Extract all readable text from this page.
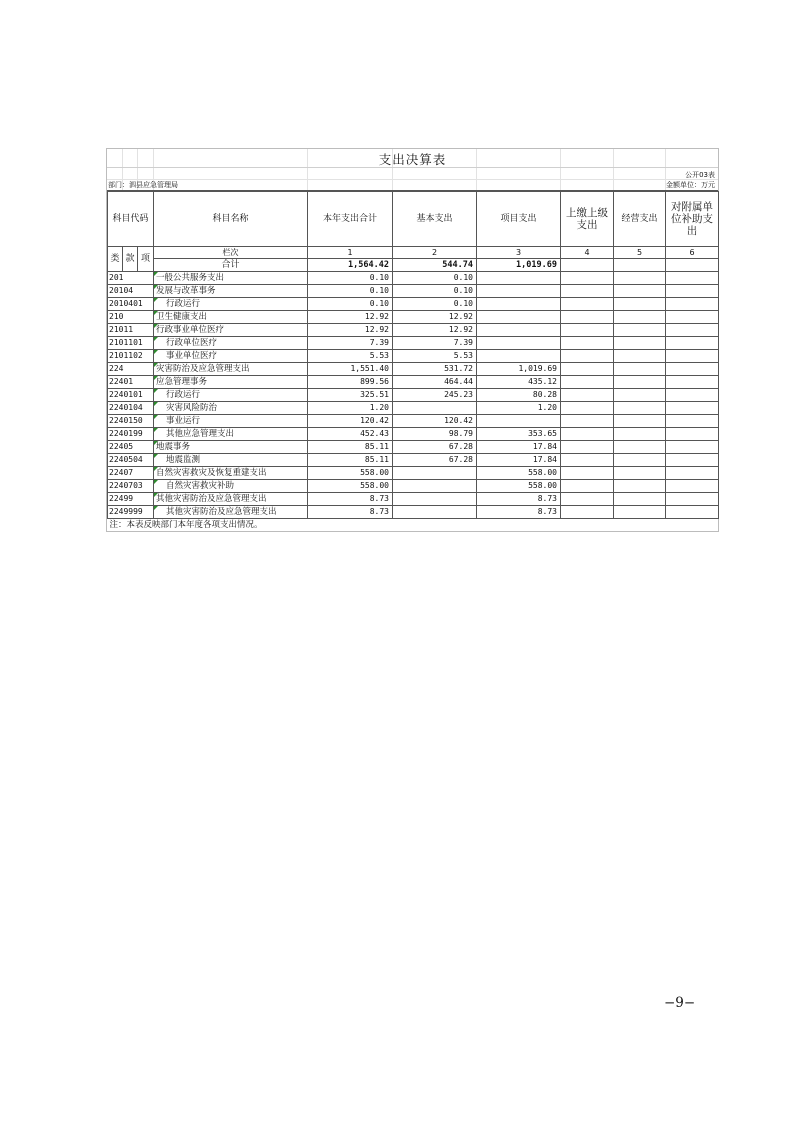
支出决算表
公开03表
部门：泗县应急管理局	金额单位：万元
科目代码			科目名称	本年支出合计	基本支出	项目支出	上缴上级支出	经营支出	对附属单位补助支出
类	款	项	栏次	1	2	3	4	5	6
			合计	1,564.42	544.74	1,019.69			
201			一般公共服务支出	0.10	0.10				
20104			发展与改革事务	0.10	0.10				
2010401			行政运行	0.10	0.10				
210			卫生健康支出	12.92	12.92				
21011			行政事业单位医疗	12.92	12.92				
2101101			行政单位医疗	7.39	7.39				
2101102			事业单位医疗	5.53	5.53				
224			灾害防治及应急管理支出	1,551.40	531.72	1,019.69			
22401			应急管理事务	899.56	464.44	435.12			
2240101			行政运行	325.51	245.23	80.28			
2240104			灾害风险防治	1.20		1.20			
2240150			事业运行	120.42	120.42				
2240199			其他应急管理支出	452.43	98.79	353.65			
22405			地震事务	85.11	67.28	17.84			
2240504			地震监测	85.11	67.28	17.84			
22407			自然灾害救灾及恢复重建支出	558.00		558.00			
2240703			自然灾害救灾补助	558.00		558.00			
22499			其他灾害防治及应急管理支出	8.73		8.73			
2249999			其他灾害防治及应急管理支出	8.73		8.73			
注：本表反映部门本年度各项支出情况。									
−9−
